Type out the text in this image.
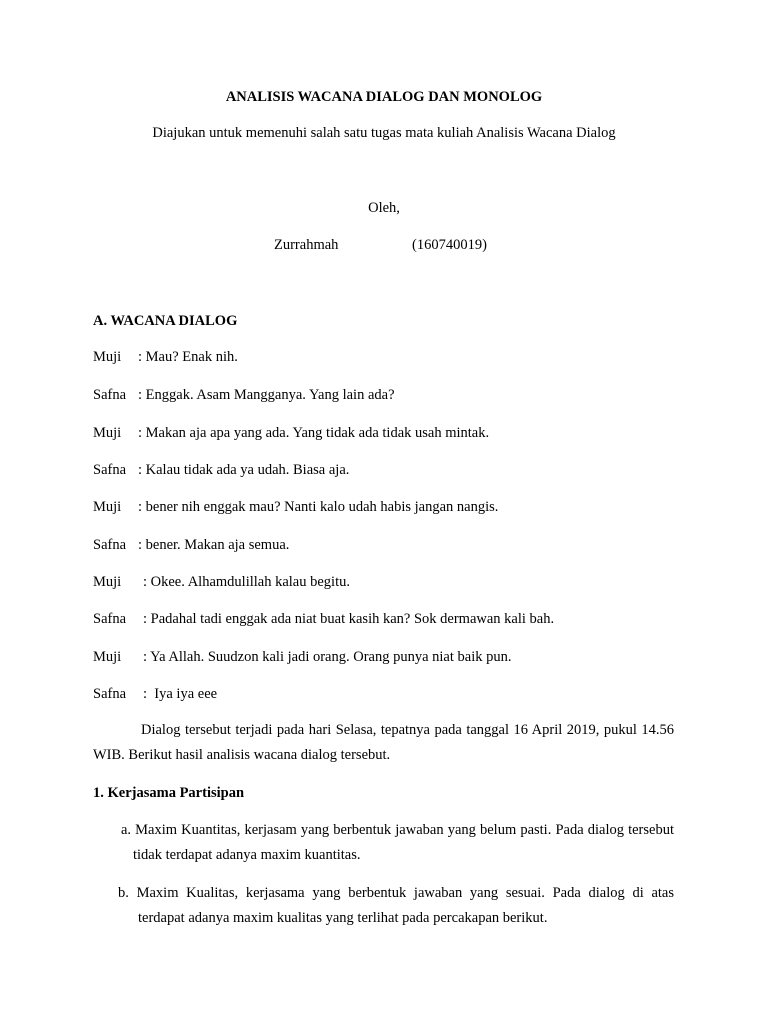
ANALISIS WACANA DIALOG DAN MONOLOG
Diajukan untuk memenuhi salah satu tugas mata kuliah Analisis Wacana Dialog
Oleh,
Zurrahmah	(160740019)
A. WACANA DIALOG
Muji : Mau? Enak nih.
Safna : Enggak. Asam Mangganya. Yang lain ada?
Muji : Makan aja apa yang ada. Yang tidak ada tidak usah mintak.
Safna : Kalau tidak ada ya udah. Biasa aja.
Muji : bener nih enggak mau? Nanti kalo udah habis jangan nangis.
Safna : bener. Makan aja semua.
Muji : Okee. Alhamdulillah kalau begitu.
Safna : Padahal tadi enggak ada niat buat kasih kan? Sok dermawan kali bah.
Muji : Ya Allah. Suudzon kali jadi orang. Orang punya niat baik pun.
Safna :  Iya iya eee
Dialog tersebut terjadi pada hari Selasa, tepatnya pada tanggal 16 April 2019, pukul 14.56 WIB. Berikut hasil analisis wacana dialog tersebut.
1. Kerjasama Partisipan
a. Maxim Kuantitas, kerjasam yang berbentuk jawaban yang belum pasti. Pada dialog tersebut tidak terdapat adanya maxim kuantitas.
b. Maxim Kualitas, kerjasama yang berbentuk jawaban yang sesuai. Pada dialog di atas terdapat adanya maxim kualitas yang terlihat pada percakapan berikut.
